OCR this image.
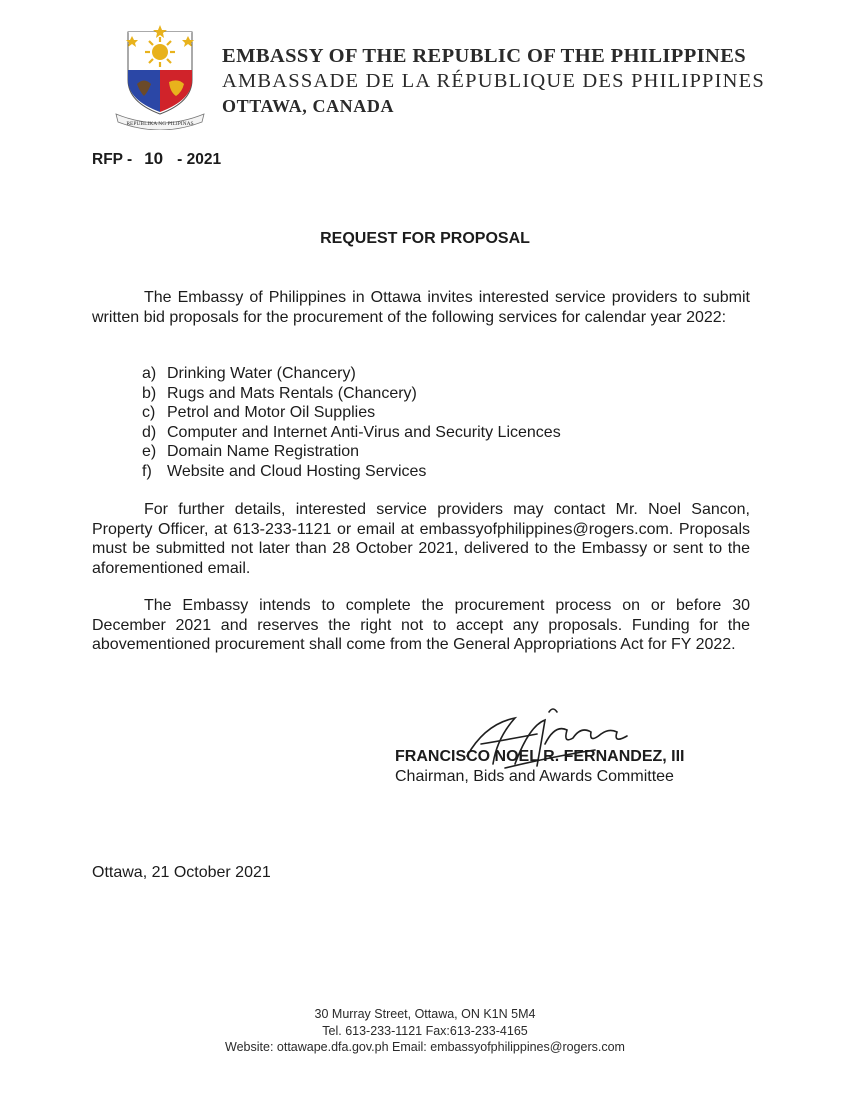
REPUBLIKA NG PILIPINAS
EMBASSY OF THE REPUBLIC OF THE PHILIPPINES
AMBASSADE DE LA RÉPUBLIQUE DES PHILIPPINES
OTTAWA, CANADA
RFP - 10 - 2021
REQUEST FOR PROPOSAL
The Embassy of Philippines in Ottawa invites interested service providers to submit written bid proposals for the procurement of the following services for calendar year 2022:
a) Drinking Water (Chancery)
b) Rugs and Mats Rentals (Chancery)
c) Petrol and Motor Oil Supplies
d) Computer and Internet Anti-Virus and Security Licences
e) Domain Name Registration
f) Website and Cloud Hosting Services
For further details, interested service providers may contact Mr. Noel Sancon, Property Officer, at 613-233-1121 or email at embassyofphilippines@rogers.com. Proposals must be submitted not later than 28 October 2021, delivered to the Embassy or sent to the aforementioned email.
The Embassy intends to complete the procurement process on or before 30 December 2021 and reserves the right not to accept any proposals. Funding for the abovementioned procurement shall come from the General Appropriations Act for FY 2022.
FRANCISCO NOEL R. FERNANDEZ, III
Chairman, Bids and Awards Committee
Ottawa, 21 October 2021
30 Murray Street, Ottawa, ON K1N 5M4
Tel. 613-233-1121 Fax:613-233-4165
Website: ottawape.dfa.gov.ph Email: embassyofphilippines@rogers.com
